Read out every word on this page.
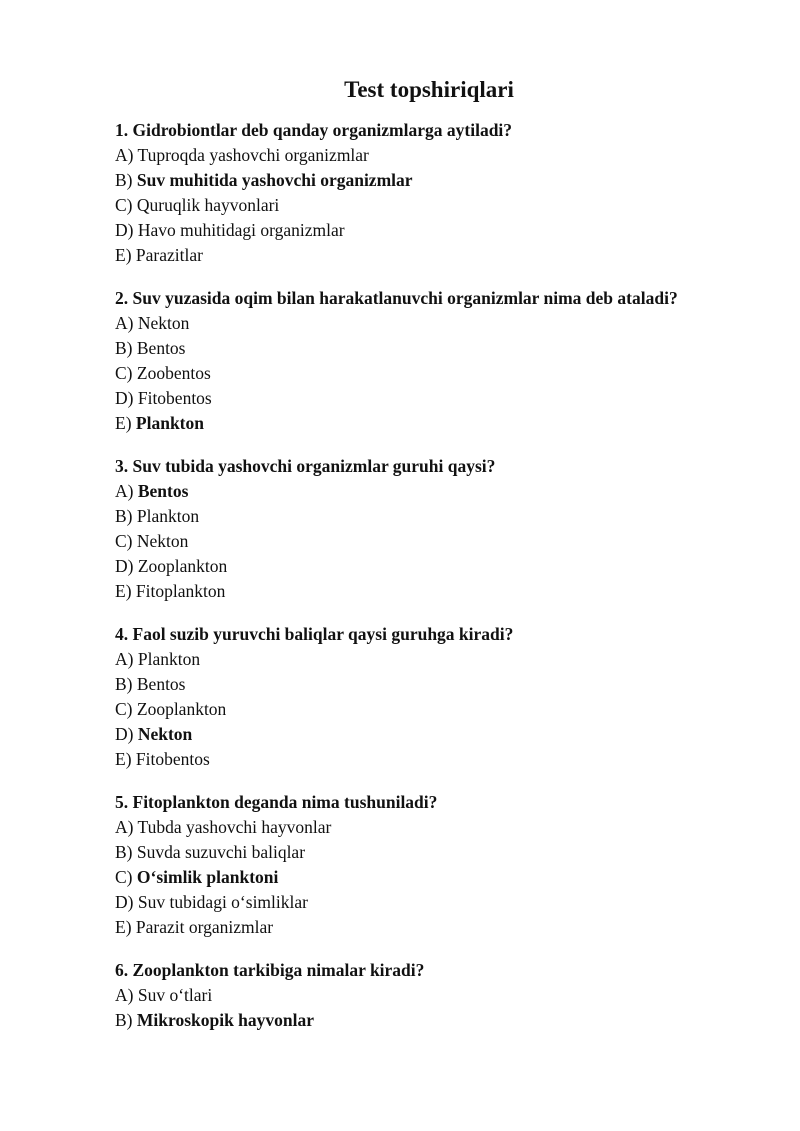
Test topshiriqlari
1. Gidrobiontlar deb qanday organizmlarga aytiladi?
A) Tuproqda yashovchi organizmlar
B) Suv muhitida yashovchi organizmlar
C) Quruqlik hayvonlari
D) Havo muhitidagi organizmlar
E) Parazitlar
2. Suv yuzasida oqim bilan harakatlanuvchi organizmlar nima deb ataladi?
A) Nekton
B) Bentos
C) Zoobentos
D) Fitobentos
E) Plankton
3. Suv tubida yashovchi organizmlar guruhi qaysi?
A) Bentos
B) Plankton
C) Nekton
D) Zooplankton
E) Fitoplankton
4. Faol suzib yuruvchi baliqlar qaysi guruhga kiradi?
A) Plankton
B) Bentos
C) Zooplankton
D) Nekton
E) Fitobentos
5. Fitoplankton deganda nima tushuniladi?
A) Tubda yashovchi hayvonlar
B) Suvda suzuvchi baliqlar
C) O‘simlik planktoni
D) Suv tubidagi o‘simliklar
E) Parazit organizmlar
6. Zooplankton tarkibiga nimalar kiradi?
A) Suv o‘tlari
B) Mikroskopik hayvonlar
